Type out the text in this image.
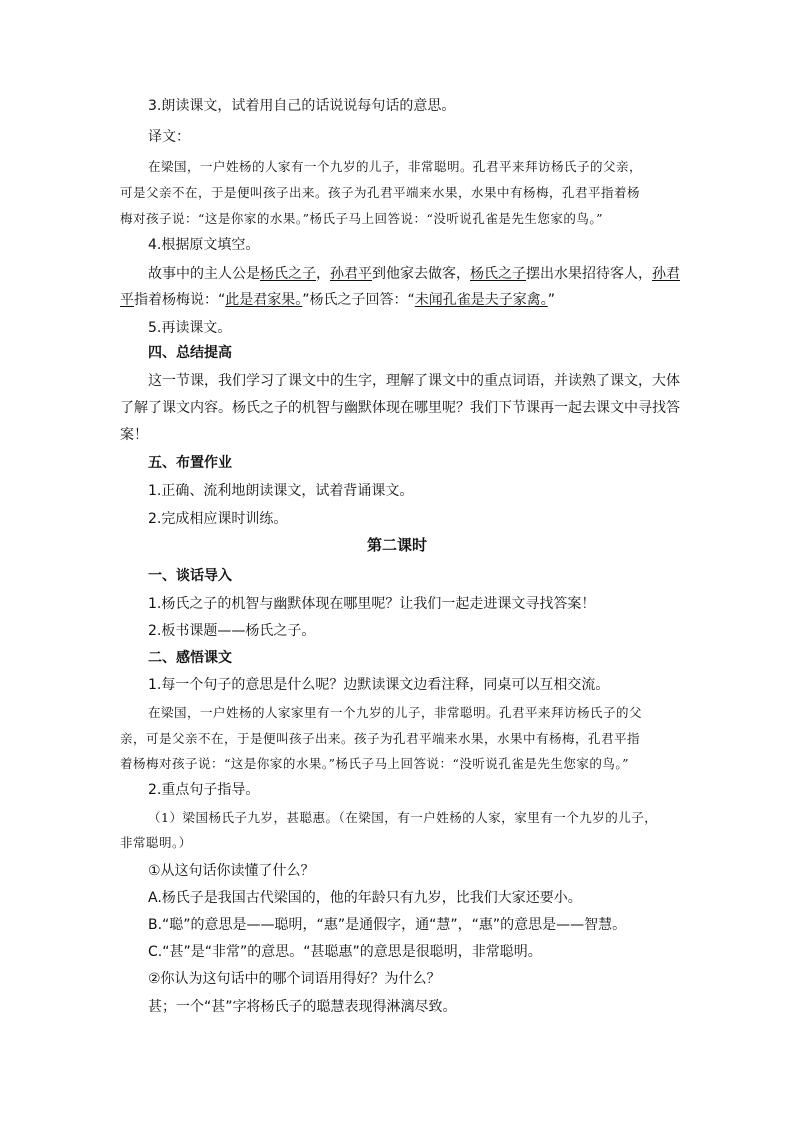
3.朗读课文，试着用自己的话说说每句话的意思。
译文：
在梁国，一户姓杨的人家有一个九岁的儿子，非常聪明。孔君平来拜访杨氏子的父亲，
可是父亲不在，于是便叫孩子出来。孩子为孔君平端来水果，水果中有杨梅，孔君平指着杨
梅对孩子说：“这是你家的水果。”杨氏子马上回答说：“没听说孔雀是先生您家的鸟。”
4.根据原文填空。
故事中的主人公是杨氏之子，孙君平到他家去做客，杨氏之子摆出水果招待客人，孙君
平指着杨梅说：“此是君家果。”杨氏之子回答：“未闻孔雀是夫子家禽。”
5.再读课文。
四、总结提高
这一节课，我们学习了课文中的生字，理解了课文中的重点词语，并读熟了课文，大体
了解了课文内容。杨氏之子的机智与幽默体现在哪里呢？我们下节课再一起去课文中寻找答
案！
五、布置作业
1.正确、流利地朗读课文，试着背诵课文。
2.完成相应课时训练。
第二课时
一、谈话导入
1.杨氏之子的机智与幽默体现在哪里呢？让我们一起走进课文寻找答案！
2.板书课题——杨氏之子。
二、感悟课文
1.每一个句子的意思是什么呢？边默读课文边看注释，同桌可以互相交流。
在梁国，一户姓杨的人家家里有一个九岁的儿子，非常聪明。孔君平来拜访杨氏子的父
亲，可是父亲不在，于是便叫孩子出来。孩子为孔君平端来水果，水果中有杨梅，孔君平指
着杨梅对孩子说：“这是你家的水果。”杨氏子马上回答说：“没听说孔雀是先生您家的鸟。”
2.重点句子指导。
（1）梁国杨氏子九岁，甚聪惠。（在梁国，有一户姓杨的人家，家里有一个九岁的儿子，
非常聪明。）
①从这句话你读懂了什么？
A.杨氏子是我国古代梁国的，他的年龄只有九岁，比我们大家还要小。
B.“聪”的意思是——聪明，“惠”是通假字，通“慧”，“惠”的意思是——智慧。
C.“甚”是“非常”的意思。“甚聪惠”的意思是很聪明，非常聪明。
②你认为这句话中的哪个词语用得好？为什么？
甚；一个“甚”字将杨氏子的聪慧表现得淋漓尽致。
